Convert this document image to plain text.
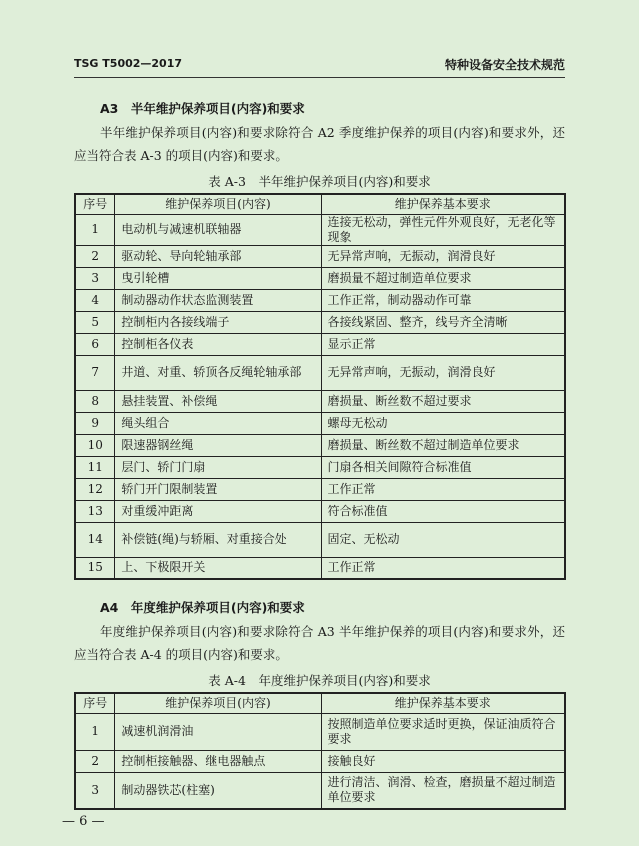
TSG T5002—2017	特种设备安全技术规范
A3　半年维护保养项目(内容)和要求
半年维护保养项目(内容)和要求除符合 A2 季度维护保养的项目(内容)和要求外，还应当符合表 A-3 的项目(内容)和要求。
表 A-3　半年维护保养项目(内容)和要求
序号	维护保养项目(内容)	维护保养基本要求
1	电动机与减速机联轴器	连接无松动，弹性元件外观良好，无老化等现象
2	驱动轮、导向轮轴承部	无异常声响，无振动，润滑良好
3	曳引轮槽	磨损量不超过制造单位要求
4	制动器动作状态监测装置	工作正常，制动器动作可靠
5	控制柜内各接线端子	各接线紧固、整齐，线号齐全清晰
6	控制柜各仪表	显示正常
7	井道、对重、轿顶各反绳轮轴承部	无异常声响，无振动，润滑良好
8	悬挂装置、补偿绳	磨损量、断丝数不超过要求
9	绳头组合	螺母无松动
10	限速器钢丝绳	磨损量、断丝数不超过制造单位要求
11	层门、轿门门扇	门扇各相关间隙符合标准值
12	轿门开门限制装置	工作正常
13	对重缓冲距离	符合标准值
14	补偿链(绳)与轿厢、对重接合处	固定、无松动
15	上、下极限开关	工作正常
A4　年度维护保养项目(内容)和要求
年度维护保养项目(内容)和要求除符合 A3 半年维护保养的项目(内容)和要求外，还应当符合表 A-4 的项目(内容)和要求。
表 A-4　年度维护保养项目(内容)和要求
序号	维护保养项目(内容)	维护保养基本要求
1	减速机润滑油	按照制造单位要求适时更换，保证油质符合要求
2	控制柜接触器、继电器触点	接触良好
3	制动器铁芯(柱塞)	进行清洁、润滑、检查，磨损量不超过制造单位要求
— 6 —
